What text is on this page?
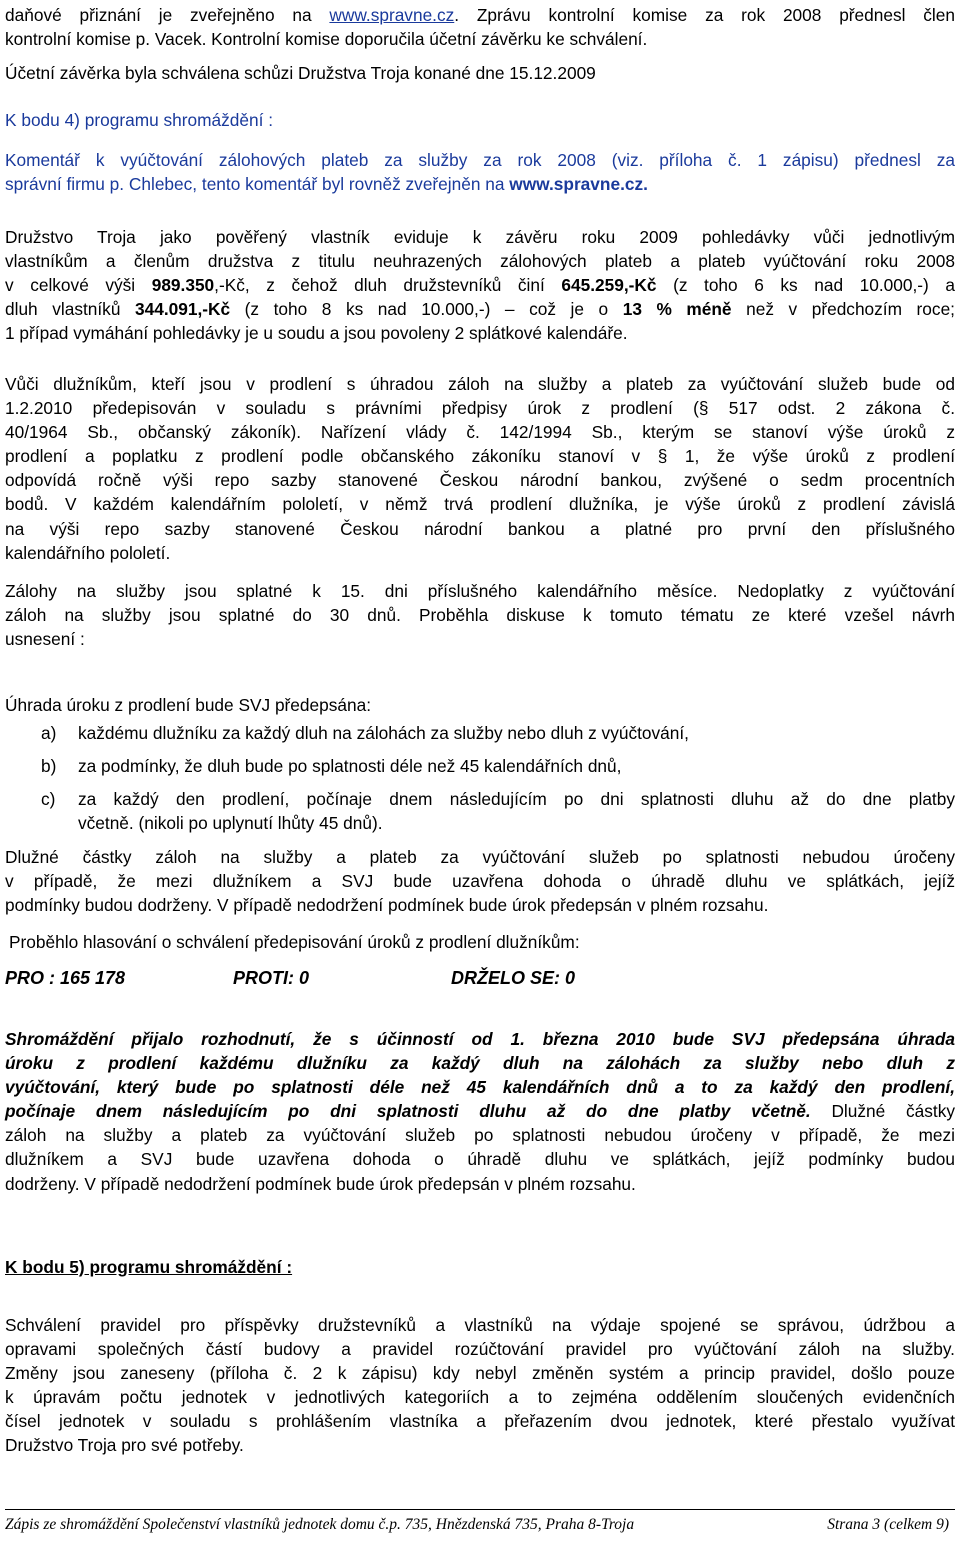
daňové přiznání je zveřejněno na www.spravne.cz. Zprávu kontrolní komise za rok 2008 přednesl člen
kontrolní komise p. Vacek. Kontrolní komise doporučila účetní závěrku ke schválení.
Účetní závěrka byla schválena schůzi Družstva Troja konané dne 15.12.2009
K bodu 4) programu shromáždění :
Komentář k vyúčtování zálohových plateb za služby za rok 2008 (viz. příloha č. 1 zápisu) přednesl za
správní firmu p. Chlebec, tento komentář byl rovněž zveřejněn na www.spravne.cz.
Družstvo Troja jako pověřený vlastník eviduje k závěru roku 2009 pohledávky vůči jednotlivým
vlastníkům a členům družstva z titulu neuhrazených zálohových plateb a plateb vyúčtování roku 2008
v celkové výši 989.350,-Kč, z čehož dluh družstevníků činí 645.259,-Kč (z toho 6 ks nad 10.000,-) a
dluh vlastníků 344.091,-Kč (z toho 8 ks nad 10.000,-) – což je o 13 % méně než v předchozím roce;
1 případ vymáhání pohledávky je u soudu a jsou povoleny 2 splátkové kalendáře.
Vůči dlužníkům, kteří jsou v prodlení s úhradou záloh na služby a plateb za vyúčtování služeb bude od
1.2.2010 předepisován v souladu s právními předpisy úrok z prodlení (§ 517 odst. 2 zákona č.
40/1964 Sb., občanský zákoník). Nařízení vlády č. 142/1994 Sb., kterým se stanoví výše úroků z
prodlení a poplatku z prodlení podle občanského zákoníku stanoví v § 1, že výše úroků z prodlení
odpovídá ročně výši repo sazby stanovené Českou národní bankou, zvýšené o sedm procentních
bodů. V každém kalendářním pololetí, v němž trvá prodlení dlužníka, je výše úroků z prodlení závislá
na výši repo sazby stanovené Českou národní bankou a platné pro první den příslušného
kalendářního pololetí.
Zálohy na služby jsou splatné k 15. dni příslušného kalendářního měsíce. Nedoplatky z vyúčtování
záloh na služby jsou splatné do 30 dnů. Proběhla diskuse k tomuto tématu ze které vzešel návrh
usnesení :
Úhrada úroku z prodlení bude SVJ předepsána:
a) každému dlužníku za každý dluh na zálohách za služby nebo dluh z vyúčtování,
b) za podmínky, že dluh bude po splatnosti déle než 45 kalendářních dnů,
c) za každý den prodlení, počínaje dnem následujícím po dni splatnosti dluhu až do dne platby
včetně. (nikoli po uplynutí lhůty 45 dnů).
Dlužné částky záloh na služby a plateb za vyúčtování služeb po splatnosti nebudou úročeny
v případě, že mezi dlužníkem a SVJ bude uzavřena dohoda o úhradě dluhu ve splátkách, jejíž
podmínky budou dodrženy. V případě nedodržení podmínek bude úrok předepsán v plném rozsahu.
Proběhlo hlasování o schválení předepisování úroků z prodlení dlužníkům:
PRO : 165 178	PROTI: 0	DRŽELO SE: 0
Shromáždění přijalo rozhodnutí, že s účinností od 1. března 2010 bude SVJ předepsána úhrada
úroku z prodlení každému dlužníku za každý dluh na zálohách za služby nebo dluh z
vyúčtování, který bude po splatnosti déle než 45 kalendářních dnů a to za každý den prodlení,
počínaje dnem následujícím po dni splatnosti dluhu až do dne platby včetně. Dlužné částky
záloh na služby a plateb za vyúčtování služeb po splatnosti nebudou úročeny v případě, že mezi
dlužníkem a SVJ bude uzavřena dohoda o úhradě dluhu ve splátkách, jejíž podmínky budou
dodrženy. V případě nedodržení podmínek bude úrok předepsán v plném rozsahu.
K bodu 5) programu shromáždění :
Schválení pravidel pro příspěvky družstevníků a vlastníků na výdaje spojené se správou, údržbou a
opravami společných částí budovy a pravidel rozúčtování pravidel pro vyúčtování záloh na služby.
Změny jsou zaneseny (příloha č. 2 k zápisu) kdy nebyl změněn systém a princip pravidel, došlo pouze
k úpravám počtu jednotek v jednotlivých kategoriích a to zejména oddělením sloučených evidenčních
čísel jednotek v souladu s prohlášením vlastníka a přeřazením dvou jednotek, které přestalo využívat
Družstvo Troja pro své potřeby.
Zápis ze shromáždění Společenství vlastníků jednotek domu č.p. 735, Hnězdenská 735, Praha 8-Troja	Strana 3 (celkem 9)
